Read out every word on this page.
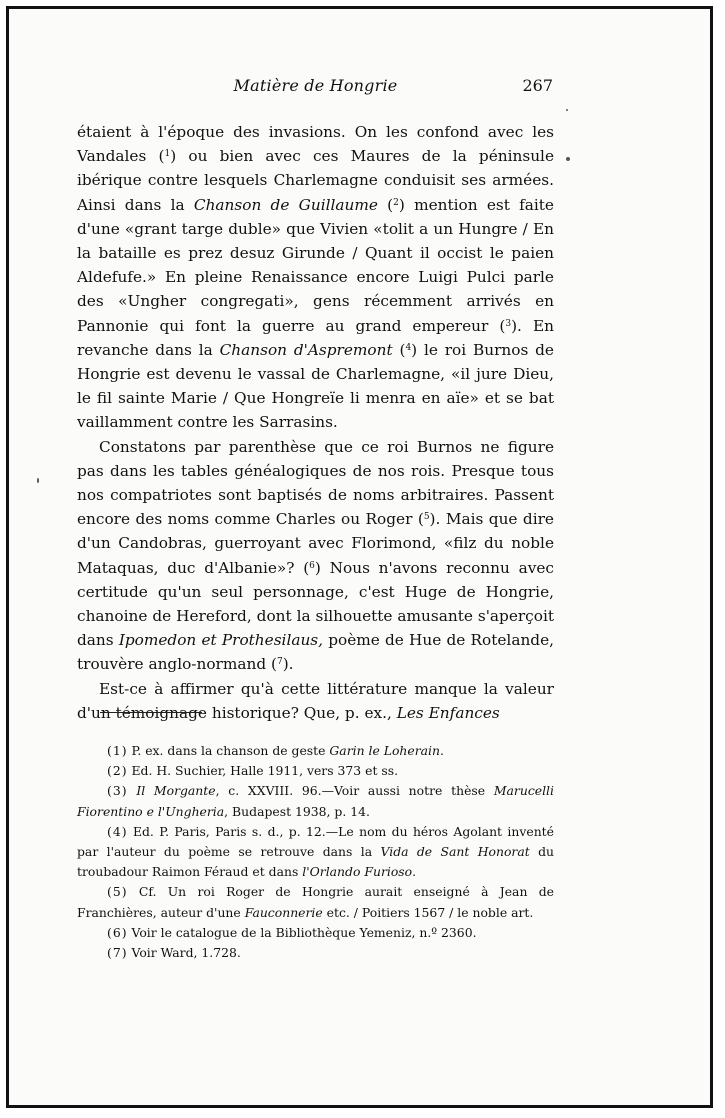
Matière de Hongrie	267

étaient à l'époque des invasions. On les confond avec les Vandales ($^1$) ou bien avec ces Maures de la péninsule ibérique contre lesquels Charlemagne conduisit ses armées. Ainsi dans la Chanson de Guillaume ($^2$) mention est faite d'une «grant targe duble» que Vivien «tolit a un Hungre / En la bataille es prez desuz Girunde / Quant il occist le paien Aldefufe.» En pleine Renaissance encore Luigi Pulci parle des «Ungher congregati», gens récemment arrivés en Pannonie qui font la guerre au grand empereur ($^3$). En revanche dans la Chanson d'Aspremont ($^4$) le roi Burnos de Hongrie est devenu le vassal de Charlemagne, «il jure Dieu, le fil sainte Marie / Que Hongreïe li menra en aïe» et se bat vaillamment contre les Sarrasins.

Constatons par parenthèse que ce roi Burnos ne figure pas dans les tables généalogiques de nos rois. Presque tous nos compatriotes sont baptisés de noms arbitraires. Passent encore des noms comme Charles ou Roger ($^5$). Mais que dire d'un Candobras, guerroyant avec Florimond, «filz du noble Mataquas, duc d'Albanie»? ($^6$) Nous n'avons reconnu avec certitude qu'un seul personnage, c'est Huge de Hongrie, chanoine de Hereford, dont la silhouette amusante s'aperçoit dans Ipomedon et Prothesilaus, poème de Hue de Rotelande, trouvère anglo-normand ($^7$).

Est-ce à affirmer qu'à cette littérature manque la valeur d'un témoignage historique? Que, p. ex., Les Enfances

(1) P. ex. dans la chanson de geste Garin le Loherain.

(2) Ed. H. Suchier, Halle 1911, vers 373 et ss.

(3) Il Morgante, c. XXVIII. 96.—Voir aussi notre thèse Marucelli Fiorentino e l'Ungheria, Budapest 1938, p. 14.

(4) Ed. P. Paris, Paris s. d., p. 12.—Le nom du héros Agolant inventé par l'auteur du poème se retrouve dans la Vida de Sant Honorat du troubadour Raimon Féraud et dans l'Orlando Furioso.

(5) Cf. Un roi Roger de Hongrie aurait enseigné à Jean de Franchières, auteur d'une Fauconnerie etc. / Poitiers 1567 / le noble art.

(6) Voir le catalogue de la Bibliothèque Yemeniz, n.º 2360.

(7) Voir Ward, 1.728.
